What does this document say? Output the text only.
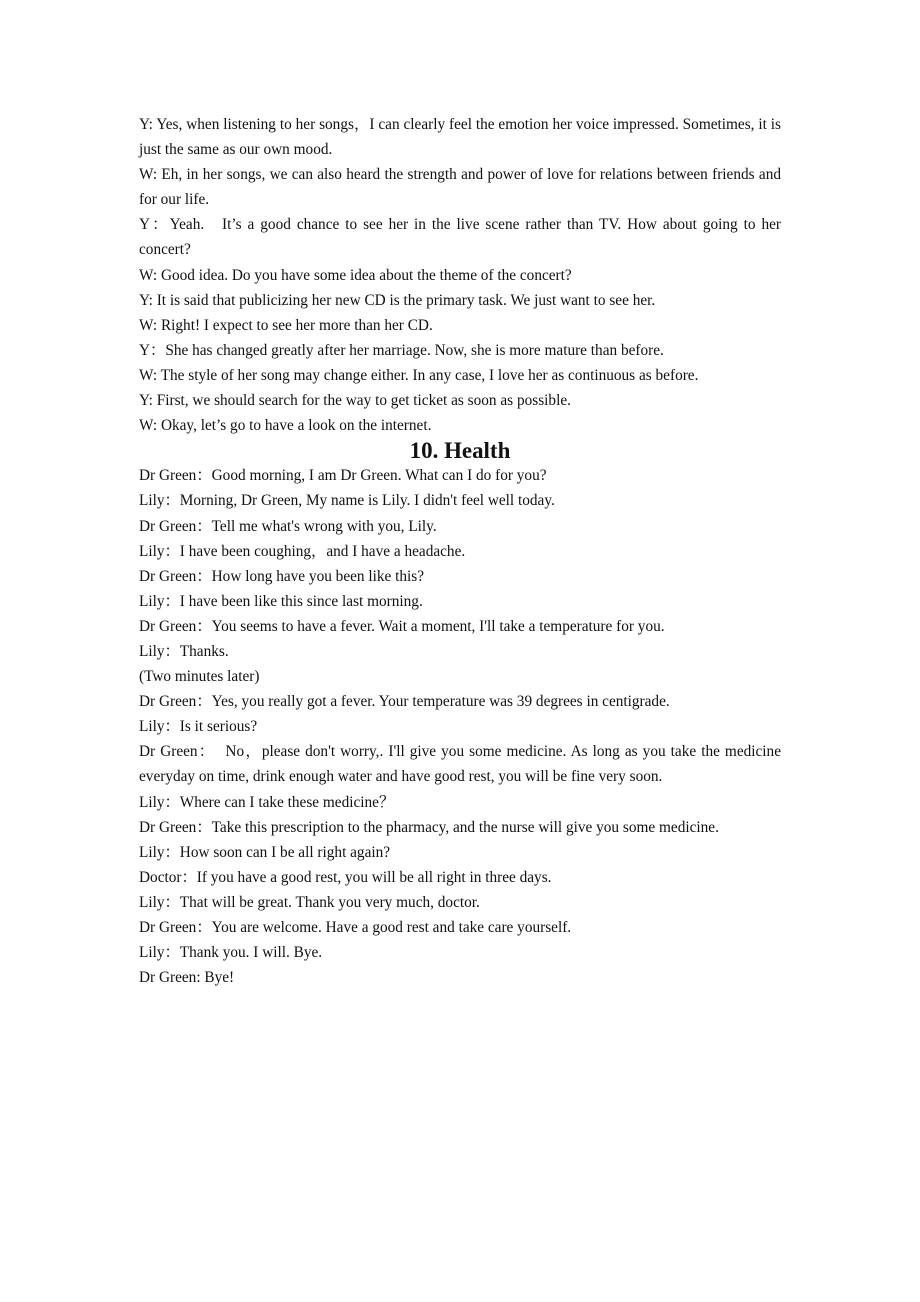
Y: Yes, when listening to her songs，I can clearly feel the emotion her voice impressed. Sometimes, it is just the same as our own mood.

W: Eh, in her songs, we can also heard the strength and power of love for relations between friends and for our life.

Y：Yeah.   It’s a good chance to see her in the live scene rather than TV. How about going to her concert?

W: Good idea. Do you have some idea about the theme of the concert?

Y: It is said that publicizing her new CD is the primary task. We just want to see her.

W: Right! I expect to see her more than her CD.

Y：She has changed greatly after her marriage. Now, she is more mature than before.

W: The style of her song may change either. In any case, I love her as continuous as before.

Y: First, we should search for the way to get ticket as soon as possible.

W: Okay, let’s go to have a look on the internet.

10. Health

Dr Green：Good morning, I am Dr Green. What can I do for you?

Lily：Morning, Dr Green, My name is Lily. I didn't feel well today.

Dr Green：Tell me what's wrong with you, Lily.

Lily：I have been coughing，and I have a headache.

Dr Green：How long have you been like this?

Lily：I have been like this since last morning.

Dr Green：You seems to have a fever. Wait a moment, I'll take a temperature for you.

Lily：Thanks.

(Two minutes later)

Dr Green：Yes, you really got a fever. Your temperature was 39 degrees in centigrade.

Lily：Is it serious?

Dr Green：  No，please don't worry,. I'll give you some medicine. As long as you take the medicine everyday on time, drink enough water and have good rest, you will be fine very soon.

Lily：Where can I take these medicine？

Dr Green：Take this prescription to the pharmacy, and the nurse will give you some medicine.

Lily：How soon can I be all right again?

Doctor：If you have a good rest, you will be all right in three days.

Lily：That will be great. Thank you very much, doctor.

Dr Green：You are welcome. Have a good rest and take care yourself.

Lily：Thank you. I will. Bye.

Dr Green: Bye!
